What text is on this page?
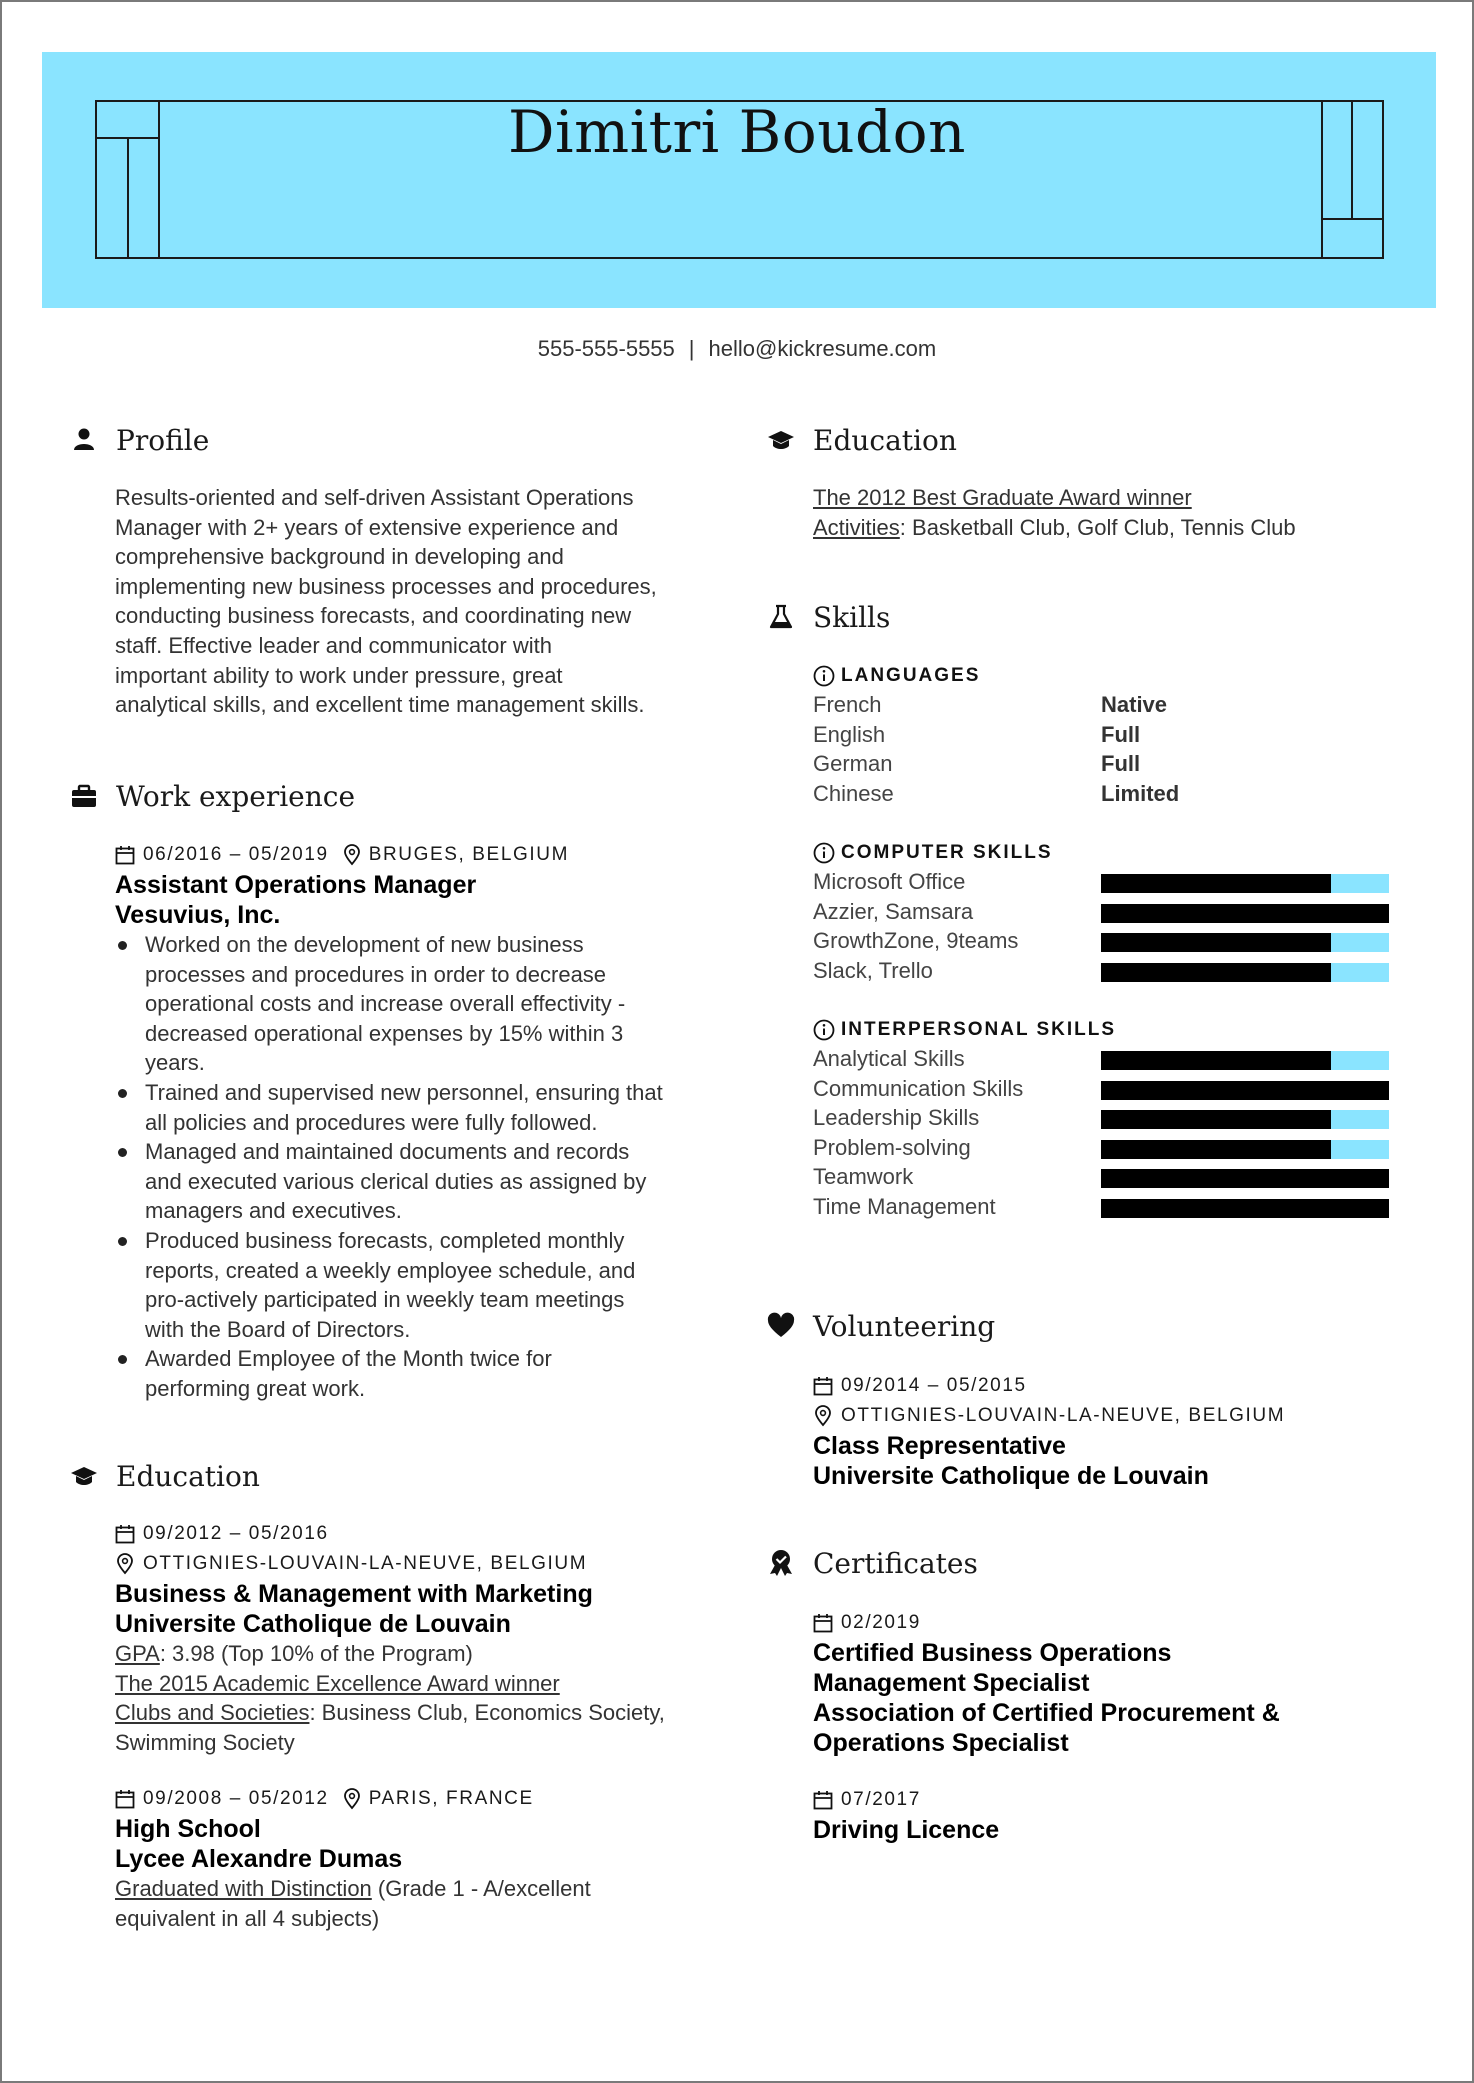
Dimitri Boudon
555-555-5555 | hello@kickresume.com
Profile
Results-oriented and self-driven Assistant Operations
Manager with 2+ years of extensive experience and
comprehensive background in developing and
implementing new business processes and procedures,
conducting business forecasts, and coordinating new
staff. Effective leader and communicator with
important ability to work under pressure, great
analytical skills, and excellent time management skills.
Work experience
06/2016 – 05/2019 BRUGES, BELGIUM
Assistant Operations Manager
Vesuvius, Inc.
Worked on the development of new business
processes and procedures in order to decrease
operational costs and increase overall effectivity -
decreased operational expenses by 15% within 3
years.
Trained and supervised new personnel, ensuring that
all policies and procedures were fully followed.
Managed and maintained documents and records
and executed various clerical duties as assigned by
managers and executives.
Produced business forecasts, completed monthly
reports, created a weekly employee schedule, and
pro-actively participated in weekly team meetings
with the Board of Directors.
Awarded Employee of the Month twice for
performing great work.
Education
09/2012 – 05/2016
OTTIGNIES-LOUVAIN-LA-NEUVE, BELGIUM
Business & Management with Marketing
Universite Catholique de Louvain
GPA: 3.98 (Top 10% of the Program)
The 2015 Academic Excellence Award winner
Clubs and Societies: Business Club, Economics Society,
Swimming Society
09/2008 – 05/2012 PARIS, FRANCE
High School
Lycee Alexandre Dumas
Graduated with Distinction (Grade 1 - A/excellent
equivalent in all 4 subjects)
Education
The 2012 Best Graduate Award winner
Activities: Basketball Club, Golf Club, Tennis Club
Skills
LANGUAGES
French	Native
English	Full
German	Full
Chinese	Limited
COMPUTER SKILLS
Microsoft Office
Azzier, Samsara
GrowthZone, 9teams
Slack, Trello
INTERPERSONAL SKILLS
Analytical Skills
Communication Skills
Leadership Skills
Problem-solving
Teamwork
Time Management
Volunteering
09/2014 – 05/2015
OTTIGNIES-LOUVAIN-LA-NEUVE, BELGIUM
Class Representative
Universite Catholique de Louvain
Certificates
02/2019
Certified Business Operations
Management Specialist
Association of Certified Procurement &
Operations Specialist
07/2017
Driving Licence
